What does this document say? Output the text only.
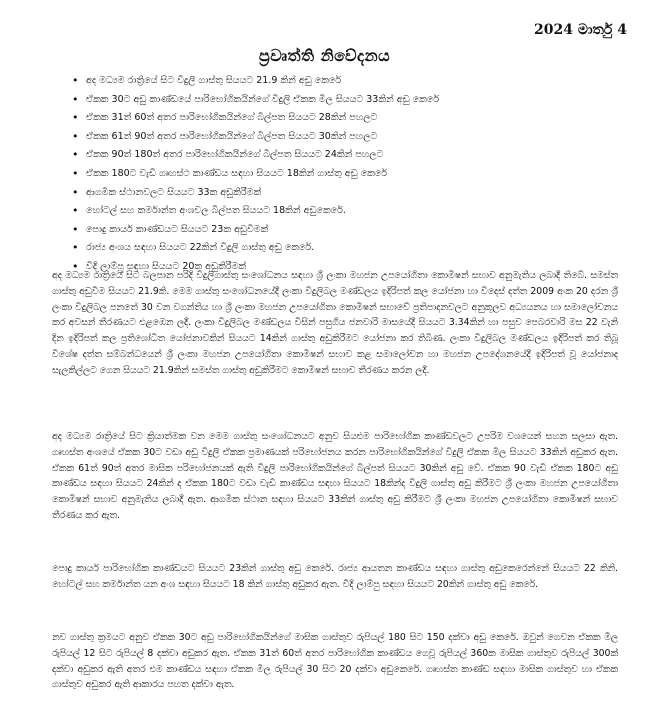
2024 මාර්තු 4
ප්‍රවෘත්ති නිවේදනය
• අද මධ්‍යම රාත්‍රියේ සිට විදුලි ගාස්තු සියයට 21.9 කින් අඩු කෙරේ
• ඒකක 30ට අඩු කාණ්ඩයේ පාරිභෝගිකයින්ගේ විදුලි ඒකක මිල සියයට 33කින් අඩු කෙරේ
• ඒකක 31ත් 60ත් අතර පාරිභෝගිකයින්ගේ බිල්පත සියයට 28කින් පහලට
• ඒකක 61ත් 90ත් අතර පාරිභෝගිකයින්ගේ බිල්පත සියයට 30කින් පහලට
• ඒකක 90ත් 180ත් අතර පාරිභෝගිකයින්ගේ බිල්පත සියයට 24කින් පහලට
• ඒකක 180ට වැඩි ගෘහස්ථ කාණ්ඩය සඳහා සියයට 18කින් ගාස්තු අඩු කෙරේ
• ආගමික ස්ථානවලට සියයට 33ක අඩුකිරීමක්
• හෝටල් සහ කර්මාන්ත අංශවල බිල්පත සියයට 18කින් අඩුකෙරේ.
• පොදු කාර්ය කාණ්ඩයට සියයට 23ක අඩුවීමක්
• රාජ්‍ය අංශය සඳහා සියයට 22කින් විදුලි ගාස්තු අඩු කෙරේ.
• වීදි ලාම්පු සඳහා සියයට 20ක අඩුකිරීමක්

අද මධ්‍යම රාත්‍රියේ සිට බලපාන පරිදි විදුලිගාස්තු සංශෝධනය සඳහා ශ්‍රී ලංකා මහජන උපයෝගිතා කොමිෂන් සභාව අනුමැතිය ලබාදී තිබේ. සමස්ත ගාස්තු අඩුවීම සියයට 21.9කි. මෙම ගාස්තු සංශෝධනයේදී ලංකා විදුලිබල මණ්ඩලය ඉදිරිපත් කල යෝජනා හා විදෙස් දත්ත 2009 අංක 20 දරන ශ්‍රී ලංකා විදුලිබල පනතේ 30 වන වගන්තිය හා ශ්‍රී ලංකා මහජන උපයෝගිතා කොමිෂන් සභාවේ ප්‍රතිපාදනවලට අනුකූලව අධ්‍යයනය හා සමාලෝචනය කර අවසන් තීරණයට එළඹෙන ලදී. ලංකා විදුලිබල මණ්ඩලය විසින් පසුගිය ජනවාරි මාසයේදී සියයට 3.34කින් හා පසුව පෙබරවාරි මස 22 වැනි දින ඉදිරිපත් කල ප්‍රතිශෝධිත යෝජනාවකින් සියයට 14කින් ගාස්තු අඩුකිරීමට යෝජනා කර තිබිණ. ලංකා විදුලිබල මණ්ඩලය ඉදිරිපත් කර තිබූ විශේෂ දත්ත සම්බන්ධයෙන් ශ්‍රී ලංකා මහජන උපයෝගිතා කොමිෂන් සභාව කළ සමාලෝචන හා මහජන උපදේශනයේදී ඉදිරිපත් වූ යෝජනාද සැලකිල්ලට ගෙන සියයට 21.9කින් සමස්ත ගාස්තු අඩුකිරීමට කොමිෂන් සභාව තීරණය කරන ලදී.

අද මධ්‍යම රාත්‍රියේ සිට ක්‍රියාත්මක වන මෙම ගාස්තු සංශෝධනයට අනුව සියළුම පාරිභෝගික කාණ්ඩවලට උපරිම වශයෙන් සහන සලසා ඇත. ගෘහස්ත අංශයේ ඒකක 30ට වඩා අඩු විදුලි ඒකක ප්‍රමාණයක් පරිභෝජනය කරන පාරිභෝගිකයින්ගේ විදුලි ඒකක මිල සියයට 33කින් අඩුකර ඇත. ඒකක 61ත් 90ත් අතර මාසික පරිභෝජනයක් ඇති විදුලි පාරිභෝගිකයින්ගේ බිල්පත් සියයට 30කින් අඩු වේ. ඒකක 90 වැඩි ඒකක 180ට අඩු කාණ්ඩය සඳහා සියයට 24කින් ද ඒකක 180ට වඩා වැඩි කාණ්ඩය සඳහා සියයට 18කින්ද විදුලි ගාස්තු අඩු කිරීමට ශ්‍රී ලංකා මහජන උපයෝගිතා කොමිෂන් සභාව අනුමැතිය ලබාදී ඇත. ආගමික ස්ථාන සඳහා සියයට 33කින් ගාස්තු අඩු කිරීමට ශ්‍රී ලංකා මහජන උපයෝගිතා කොමිෂන් සභාව තීරණය කර ඇත.

පොදු කාර්ය පාරිභෝගික කාණ්ඩයට සියයට 23කින් ගාස්තු අඩු කෙරේ. රාජ්‍ය ආයතන කාණ්ඩය සඳහා ගාස්තු අඩුකෙරෙන්නේ සියයට 22 කිනි. හෝටල් සහ කර්මාන්ත යන අංශ සඳහා සියයට 18 කින් ගාස්තු අඩුකර ඇත. වීදි ලාම්පු සඳහා සියයට 20කින් ගාස්තු අඩු කෙරේ.

නව ගාස්තු ක්‍රමයට අනුව ඒකක 30ට අඩු පාරිභෝගිකයින්ගේ මාසික ගාස්තුව රුපියල් 180 සිට 150 දක්වා අඩු කෙරේ. ඔවුන් ගෙවන ඒකක මිල රුපියල් 12 සිට රුපියල් 8 දක්වා අඩුකර ඇත. ඒකක 31ත් 60ත් අතර පාරිභෝගික කාණ්ඩය ගෙවූ රුපියල් 360ක මාසික ගාස්තුව රුපියල් 300ක් දක්වා අඩුකර ඇති අතර එම කාණ්ඩය සඳහා ඒකක මිල රුපියල් 30 සිට 20 දක්වා අඩුකෙරේ. ගෘහස්ත කාණ්ඩ සඳහා මාසික ගාස්තුව හා ඒකක ගාස්තුව අඩුකර ඇති ආකාරය පහත දක්වා ඇත.
